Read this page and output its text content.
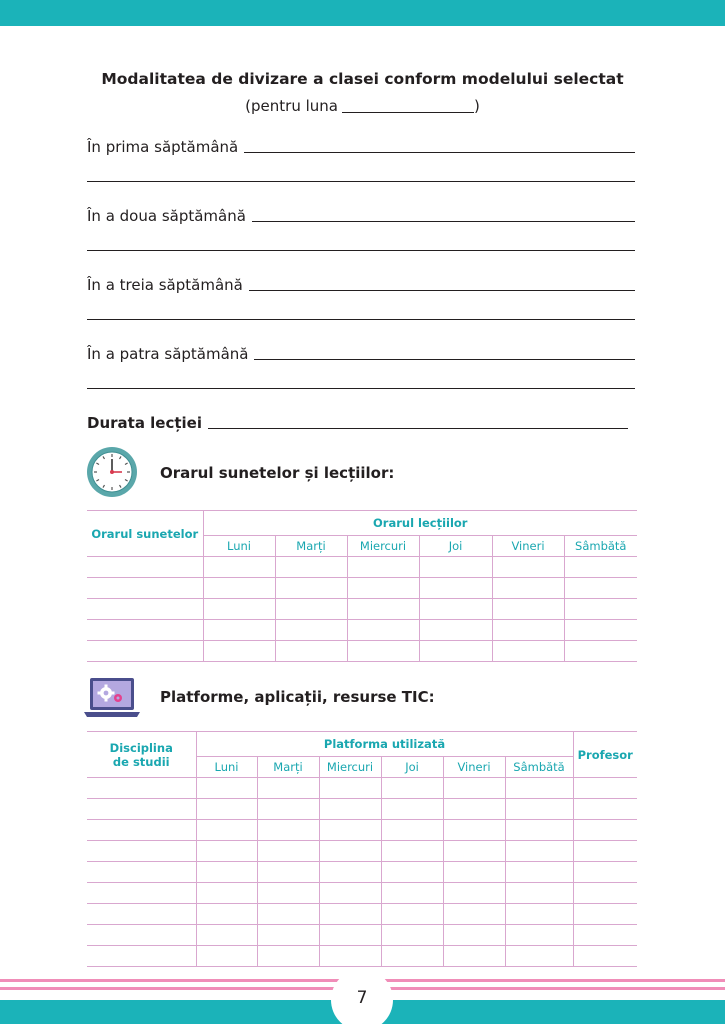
Modalitatea de divizare a clasei conform modelului selectat
(pentru luna	)
În prima săptămână
În a doua săptămână
În a treia săptămână
În a patra săptămână
Durata lecției
Orarul sunetelor și lecțiilor:
Orarul sunetelor	Orarul lecțiilor					
	Luni	Marți	Miercuri	Joi	Vineri	Sâmbătă

Platforme, aplicații, resurse TIC:
Disciplina
de studii	Platforma utilizată						Profesor
	Luni	Marți	Miercuri	Joi	Vineri	Sâmbătă	

7
